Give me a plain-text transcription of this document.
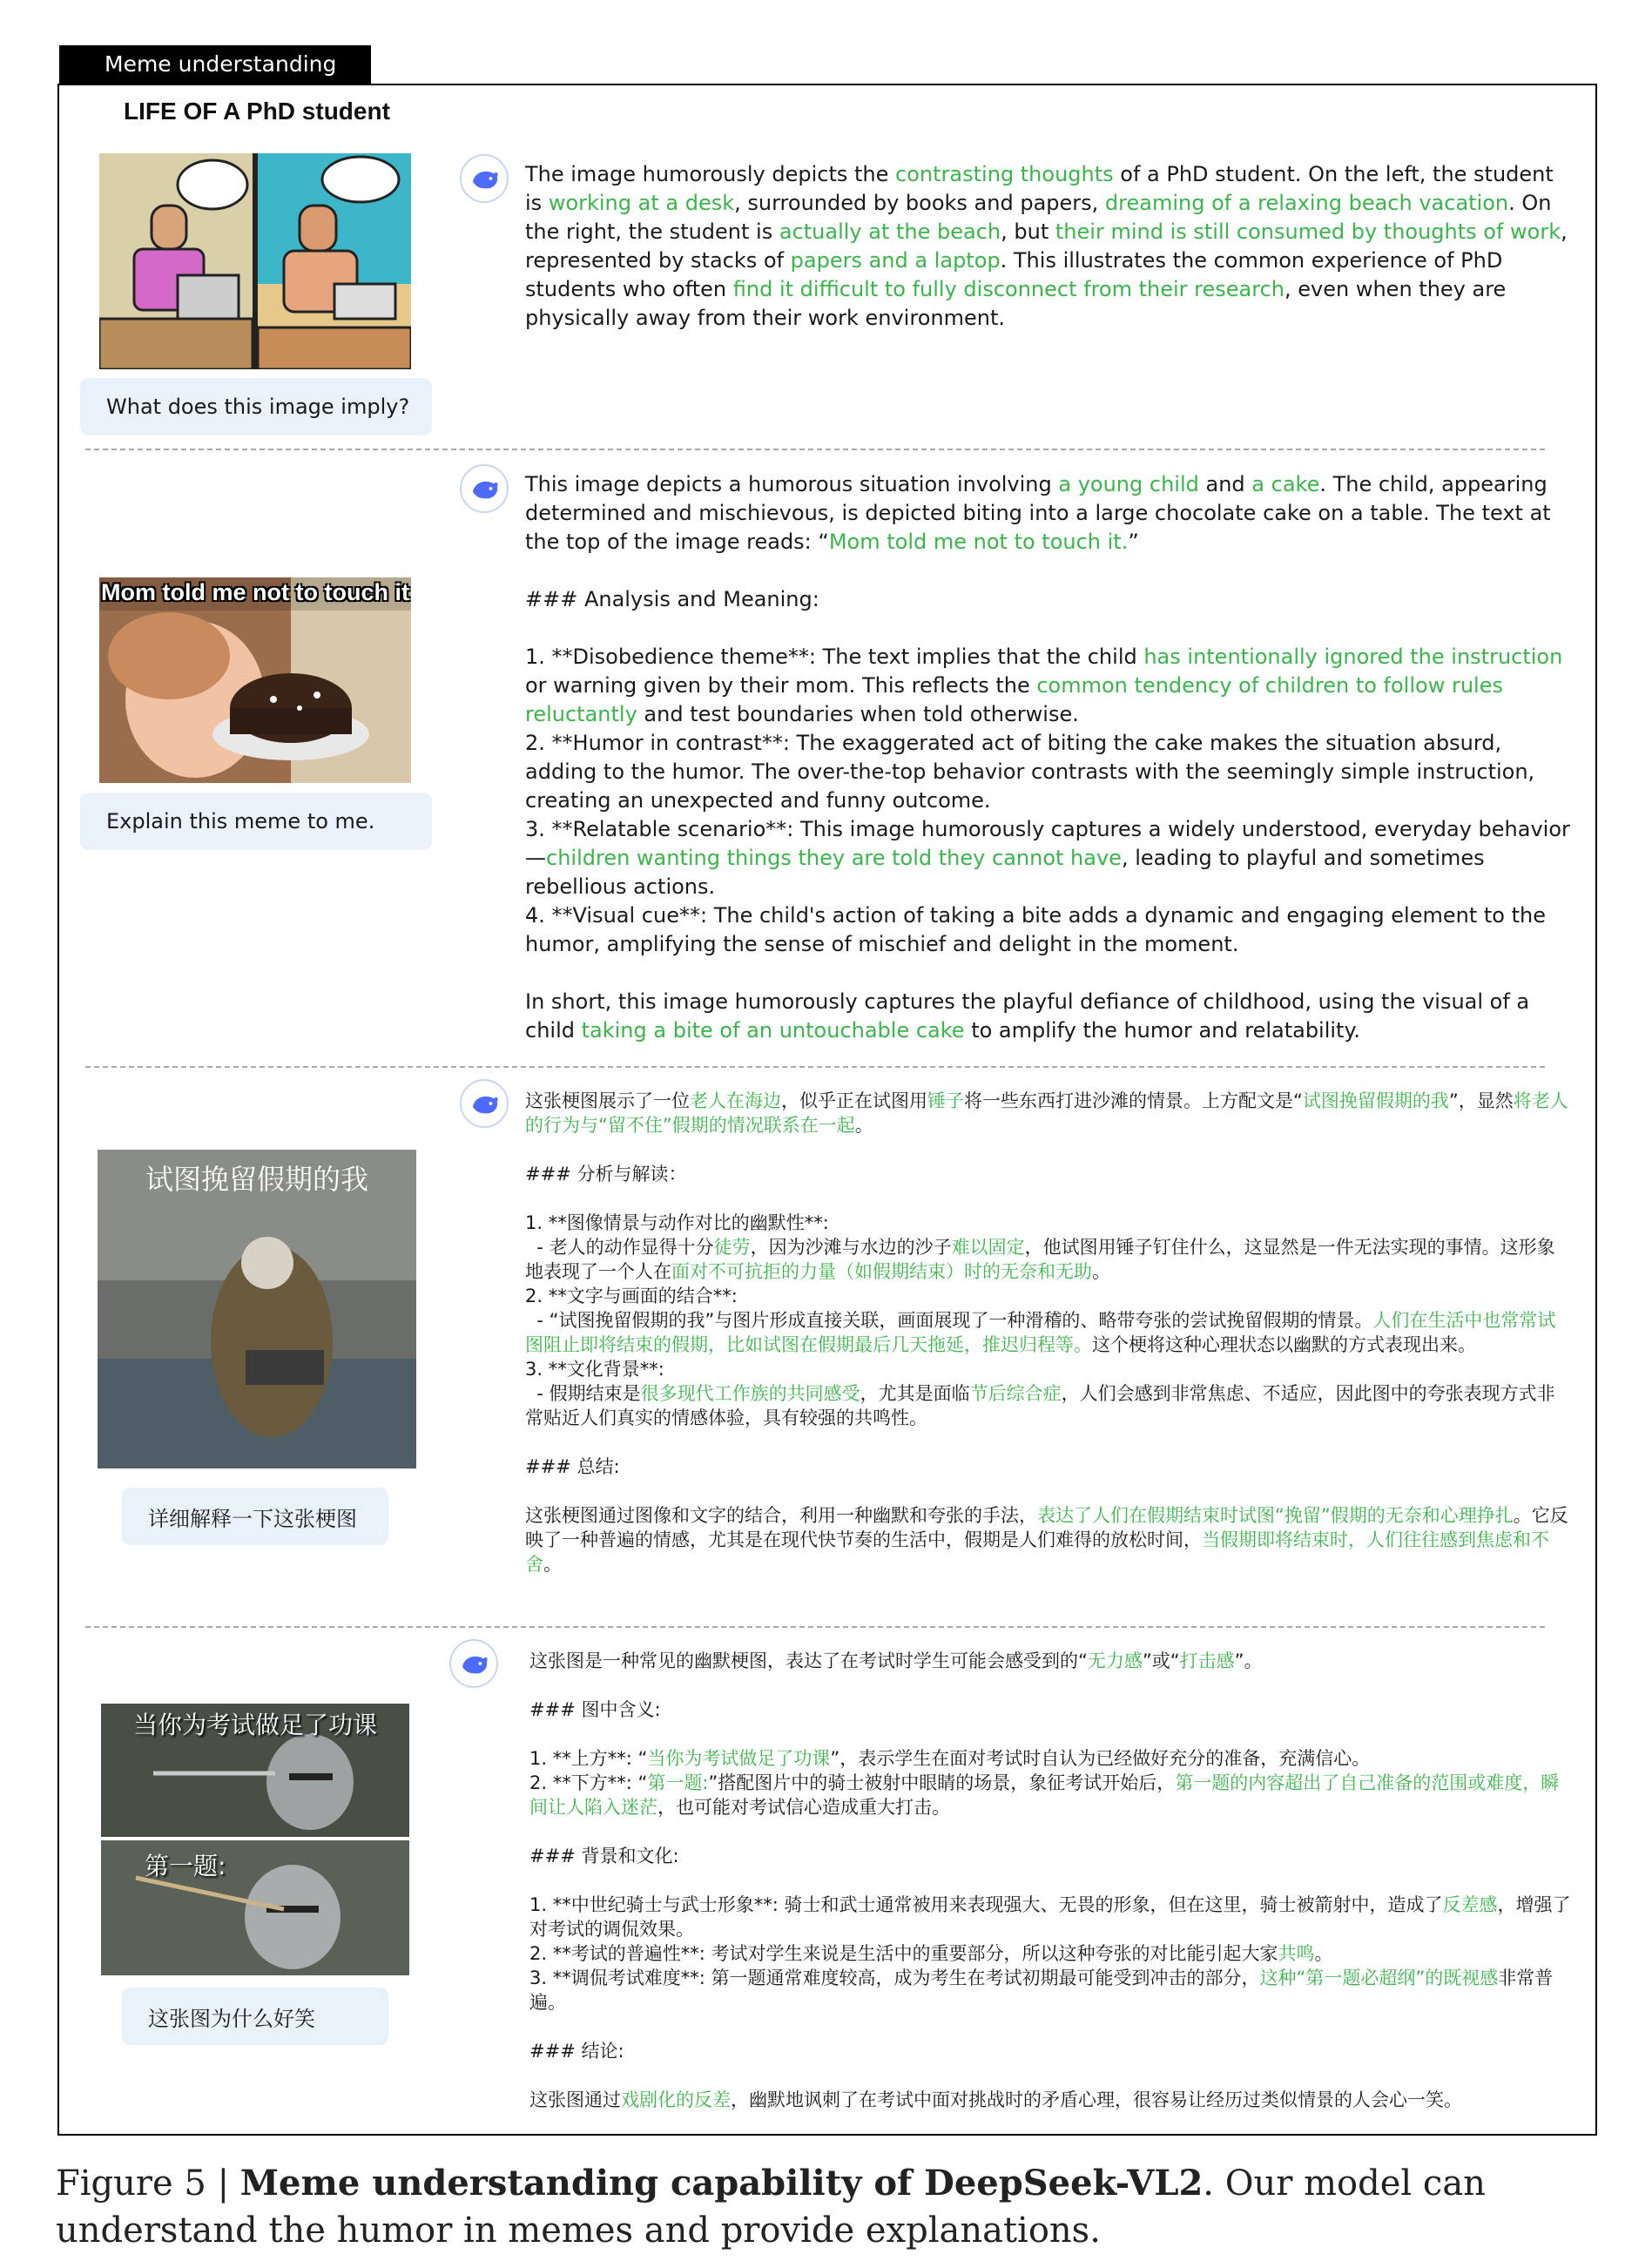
Meme understanding
LIFE OF A PhD student
What does this image imply?

The image humorously depicts the contrasting thoughts of a PhD student. On the left, the student is working at a desk, surrounded by books and papers, dreaming of a relaxing beach vacation. On the right, the student is actually at the beach, but their mind is still consumed by thoughts of work, represented by stacks of papers and a laptop. This illustrates the common experience of PhD students who often find it difficult to fully disconnect from their research, even when they are physically away from their work environment.

Mom told me not to touch it
Explain this meme to me.

This image depicts a humorous situation involving a young child and a cake. The child, appearing determined and mischievous, is depicted biting into a large chocolate cake on a table. The text at the top of the image reads: “Mom told me not to touch it.”

### Analysis and Meaning:

1. **Disobedience theme**: The text implies that the child has intentionally ignored the instruction or warning given by their mom. This reflects the common tendency of children to follow rules reluctantly and test boundaries when told otherwise.

2. **Humor in contrast**: The exaggerated act of biting the cake makes the situation absurd, adding to the humor. The over-the-top behavior contrasts with the seemingly simple instruction, creating an unexpected and funny outcome.

3. **Relatable scenario**: This image humorously captures a widely understood, everyday behavior—children wanting things they are told they cannot have, leading to playful and sometimes rebellious actions.

4. **Visual cue**: The child's action of taking a bite adds a dynamic and engaging element to the humor, amplifying the sense of mischief and delight in the moment.

In short, this image humorously captures the playful defiance of childhood, using the visual of a child taking a bite of an untouchable cake to amplify the humor and relatability.

试图挽留假期的我
详细解释一下这张梗图

这张梗图展示了一位老人在海边，似乎正在试图用锤子将一些东西打进沙滩的情景。上方配文是“试图挽留假期的我”，显然将老人的行为与“留不住”假期的情况联系在一起。

### 分析与解读：

1. **图像情景与动作对比的幽默性**:

- 老人的动作显得十分徒劳，因为沙滩与水边的沙子难以固定，他试图用锤子钉住什么，这显然是一件无法实现的事情。这形象地表现了一个人在面对不可抗拒的力量（如假期结束）时的无奈和无助。

2. **文字与画面的结合**:

- “试图挽留假期的我”与图片形成直接关联，画面展现了一种滑稽的、略带夸张的尝试挽留假期的情景。人们在生活中也常常试图阻止即将结束的假期，比如试图在假期最后几天拖延，推迟归程等。这个梗将这种心理状态以幽默的方式表现出来。

3. **文化背景**:

- 假期结束是很多现代工作族的共同感受，尤其是面临节后综合症，人们会感到非常焦虑、不适应，因此图中的夸张表现方式非常贴近人们真实的情感体验，具有较强的共鸣性。

### 总结:

这张梗图通过图像和文字的结合，利用一种幽默和夸张的手法，表达了人们在假期结束时试图“挽留”假期的无奈和心理挣扎。它反映了一种普遍的情感，尤其是在现代快节奏的生活中，假期是人们难得的放松时间，当假期即将结束时，人们往往感到焦虑和不舍。

当你为考试做足了功课
第一题:
这张图为什么好笑

这张图是一种常见的幽默梗图，表达了在考试时学生可能会感受到的“无力感”或“打击感”。

### 图中含义:

1. **上方**: “当你为考试做足了功课”，表示学生在面对考试时自认为已经做好充分的准备，充满信心。

2. **下方**: “第一题:”搭配图片中的骑士被射中眼睛的场景，象征考试开始后，第一题的内容超出了自己准备的范围或难度，瞬间让人陷入迷茫，也可能对考试信心造成重大打击。

### 背景和文化:

1. **中世纪骑士与武士形象**: 骑士和武士通常被用来表现强大、无畏的形象，但在这里，骑士被箭射中，造成了反差感，增强了对考试的调侃效果。

2. **考试的普遍性**: 考试对学生来说是生活中的重要部分，所以这种夸张的对比能引起大家共鸣。

3. **调侃考试难度**: 第一题通常难度较高，成为考生在考试初期最可能受到冲击的部分，这种“第一题必超纲”的既视感非常普遍。

### 结论:

这张图通过戏剧化的反差，幽默地讽刺了在考试中面对挑战时的矛盾心理，很容易让经历过类似情景的人会心一笑。

Figure 5 | Meme understanding capability of DeepSeek-VL2. Our model can understand the humor in memes and provide explanations.
